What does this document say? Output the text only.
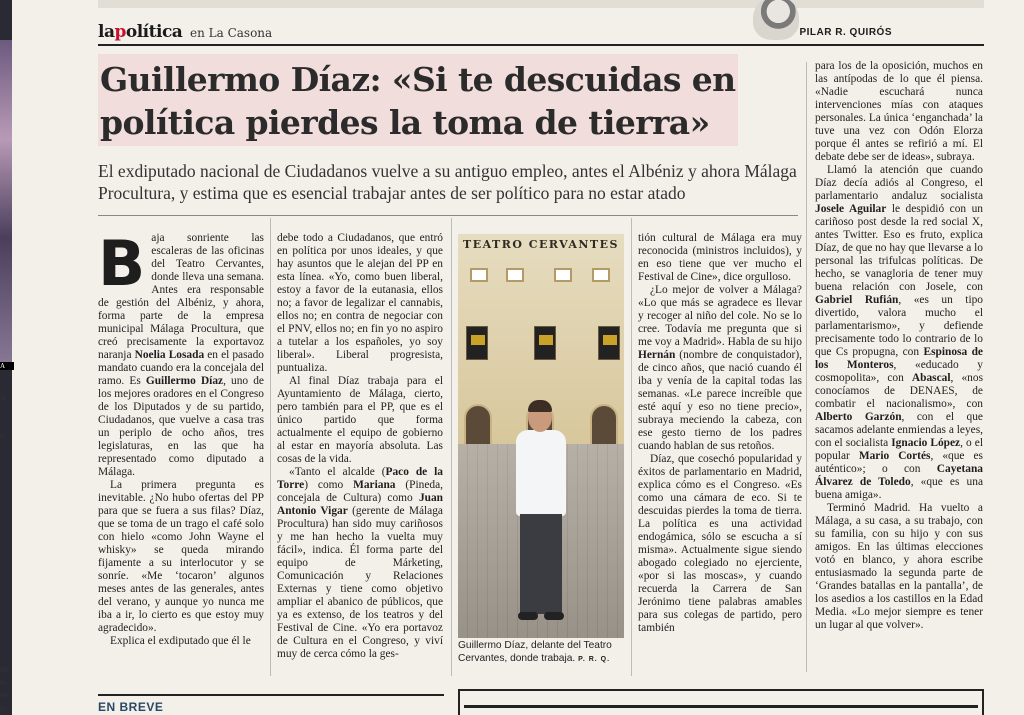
A
le
o.
en
e-
de
a-
lapolítica en La Casona	PILAR R. QUIRÓS
Guillermo Díaz: «Si te descuidas en política pierdes la toma de tierra»
El exdiputado nacional de Ciudadanos vuelve a su antiguo empleo, antes el Albéniz y ahora Málaga Procultura, y estima que es esencial trabajar antes de ser político para no estar atado

Baja sonriente las escaleras de las oficinas del Teatro Cervantes, donde lleva una semana. Antes era responsable de gestión del Albéniz, y ahora, forma parte de la empresa municipal Málaga Procultura, que creó precisamente la exportavoz naranja Noelia Losada en el pasado mandato cuando era la concejala del ramo. Es Guillermo Díaz, uno de los mejores oradores en el Congreso de los Diputados y de su partido, Ciudadanos, que vuelve a casa tras un periplo de ocho años, tres legislaturas, en las que ha representado como diputado a Málaga.

La primera pregunta es inevitable. ¿No hubo ofertas del PP para que se fuera a sus filas? Díaz, que se toma de un trago el café solo con hielo «como John Wayne el whisky» se queda mirando fijamente a su interlocutor y se sonríe. «Me ‘tocaron’ algunos meses antes de las generales, antes del verano, y aunque yo nunca me iba a ir, lo cierto es que estoy muy agradecido».

Explica el exdiputado que él le

debe todo a Ciudadanos, que entró en política por unos ideales, y que hay asuntos que le alejan del PP en esta línea. «Yo, como buen liberal, estoy a favor de la eutanasia, ellos no; a favor de legalizar el cannabis, ellos no; en contra de negociar con el PNV, ellos no; en fin yo no aspiro a tutelar a los españoles, yo soy liberal». Liberal progresista, puntualiza.

Al final Díaz trabaja para el Ayuntamiento de Málaga, cierto, pero también para el PP, que es el único partido que forma actualmente el equipo de gobierno al estar en mayoría absoluta. Las cosas de la vida.

«Tanto el alcalde (Paco de la Torre) como Mariana (Pineda, concejala de Cultura) como Juan Antonio Vigar (gerente de Málaga Procultura) han sido muy cariñosos y me han hecho la vuelta muy fácil», indica. Él forma parte del equipo de Márketing, Comunicación y Relaciones Externas y tiene como objetivo ampliar el abanico de públicos, que ya es extenso, de los teatros y del Festival de Cine. «Yo era portavoz de Cultura en el Congreso, y viví muy de cerca cómo la ges-

TEATRO CERVANTES
Guillermo Díaz, delante del Teatro Cervantes, donde trabaja. P. R. Q.

tión cultural de Málaga era muy reconocida (ministros incluidos), y en eso tiene que ver mucho el Festival de Cine», dice orgulloso.

¿Lo mejor de volver a Málaga? «Lo que más se agradece es llevar y recoger al niño del cole. No se lo cree. Todavía me pregunta que si me voy a Madrid». Habla de su hijo Hernán (nombre de conquistador), de cinco años, que nació cuando él iba y venía de la capital todas las semanas. «Le parece increíble que esté aquí y eso no tiene precio», subraya meciendo la cabeza, con ese gesto tierno de los padres cuando hablan de sus retoños.

Díaz, que cosechó popularidad y éxitos de parlamentario en Madrid, explica cómo es el Congreso. «Es como una cámara de eco. Si te descuidas pierdes la toma de tierra. La política es una actividad endogámica, sólo se escucha a sí misma». Actualmente sigue siendo abogado colegiado no ejerciente, «por si las moscas», y cuando recuerda la Carrera de San Jerónimo tiene palabras amables para sus colegas de partido, pero también

para los de la oposición, muchos en las antípodas de lo que él piensa. «Nadie escuchará nunca intervenciones mías con ataques personales. La única ‘enganchada’ la tuve una vez con Odón Elorza porque él antes se refirió a mí. El debate debe ser de ideas», subraya.

Llamó la atención que cuando Díaz decía adiós al Congreso, el parlamentario andaluz socialista Josele Aguilar le despidió con un cariñoso post desde la red social X, antes Twitter. Eso es fruto, explica Díaz, de que no hay que llevarse a lo personal las trifulcas políticas. De hecho, se vanagloria de tener muy buena relación con Josele, con Gabriel Rufián, «es un tipo divertido, valora mucho el parlamentarismo», y defiende precisamente todo lo contrario de lo que Cs propugna, con Espinosa de los Monteros, «educado y cosmopolita», con Abascal, «nos conocíamos de DENAES, de combatir el nacionalismo», con Alberto Garzón, con el que sacamos adelante enmiendas a leyes, con el socialista Ignacio López, o el popular Mario Cortés, «que es auténtico»; o con Cayetana Álvarez de Toledo, «que es una buena amiga».

Terminó Madrid. Ha vuelto a Málaga, a su casa, a su trabajo, con su familia, con su hijo y con sus amigos. En las últimas elecciones votó en blanco, y ahora escribe entusiasmado la segunda parte de ‘Grandes batallas en la pantalla’, de los asedios a los castillos en la Edad Media. «Lo mejor siempre es tener un lugar al que volver».

EN BREVE
